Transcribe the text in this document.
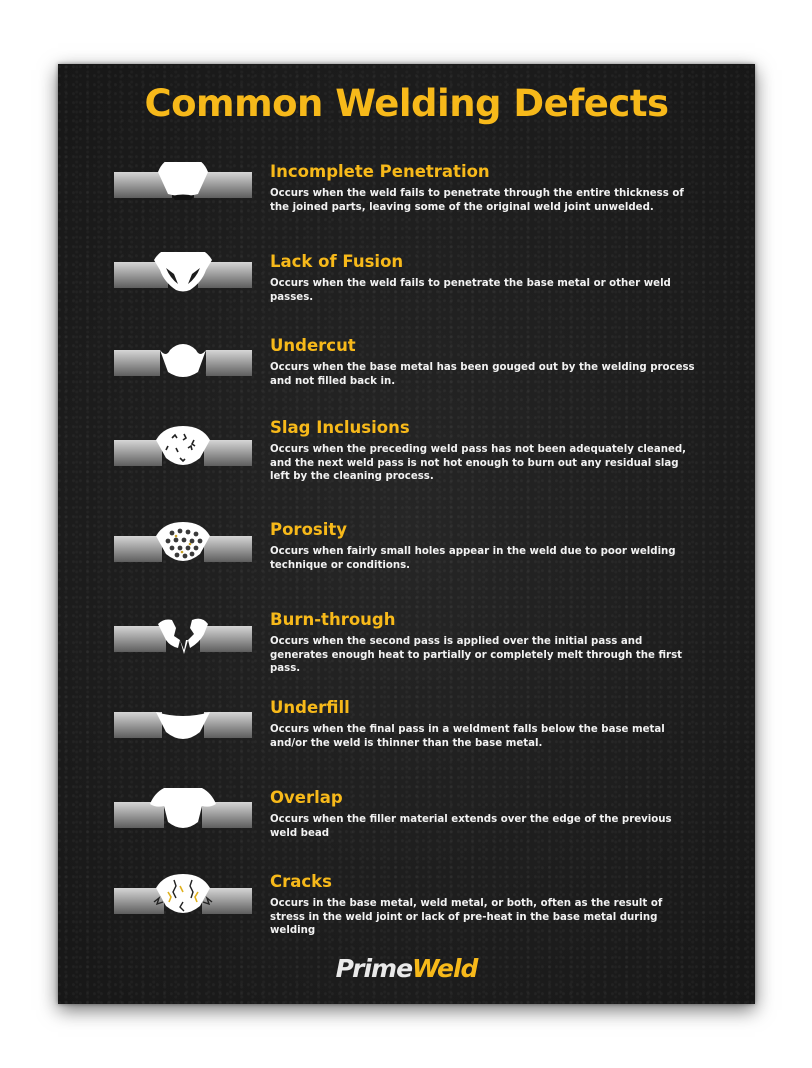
Common Welding Defects
Incomplete Penetration

Occurs when the weld fails to penetrate through the entire thickness of the joined parts, leaving some of the original weld joint unwelded.

Lack of Fusion

Occurs when the weld fails to penetrate the base metal or other weld passes.

Undercut

Occurs when the base metal has been gouged out by the welding process and not filled back in.

Slag Inclusions

Occurs when the preceding weld pass has not been adequately cleaned, and the next weld pass is not hot enough to burn out any residual slag left by the cleaning process.

Porosity

Occurs when fairly small holes appear in the weld due to poor welding technique or conditions.

Burn-through

Occurs when the second pass is applied over the initial pass and generates enough heat to partially or completely melt through the first pass.

Underfill

Occurs when the final pass in a weldment falls below the base metal and/or the weld is thinner than the base metal.

Overlap

Occurs when the filler material extends over the edge of the previous weld bead

Cracks

Occurs in the base metal, weld metal, or both, often as the result of stress in the weld joint or lack of pre-heat in the base metal during welding

PrimeWeld
